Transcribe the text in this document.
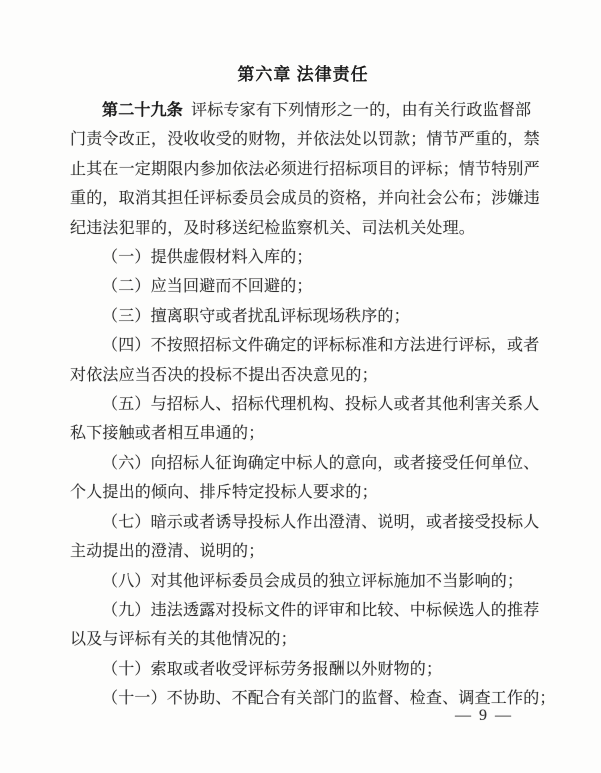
第六章 法律责任
第二十九条 评标专家有下列情形之一的，由有关行政监督部
门责令改正，没收收受的财物，并依法处以罚款；情节严重的，禁
止其在一定期限内参加依法必须进行招标项目的评标；情节特别严
重的，取消其担任评标委员会成员的资格，并向社会公布；涉嫌违
纪违法犯罪的，及时移送纪检监察机关、司法机关处理。
（一）提供虚假材料入库的；
（二）应当回避而不回避的；
（三）擅离职守或者扰乱评标现场秩序的；
（四）不按照招标文件确定的评标标准和方法进行评标，或者
对依法应当否决的投标不提出否决意见的；
（五）与招标人、招标代理机构、投标人或者其他利害关系人
私下接触或者相互串通的；
（六）向招标人征询确定中标人的意向，或者接受任何单位、
个人提出的倾向、排斥特定投标人要求的；
（七）暗示或者诱导投标人作出澄清、说明，或者接受投标人
主动提出的澄清、说明的；
（八）对其他评标委员会成员的独立评标施加不当影响的；
（九）违法透露对投标文件的评审和比较、中标候选人的推荐
以及与评标有关的其他情况的；
（十）索取或者收受评标劳务报酬以外财物的；
（十一）不协助、不配合有关部门的监督、检查、调查工作的；
— 9 —
